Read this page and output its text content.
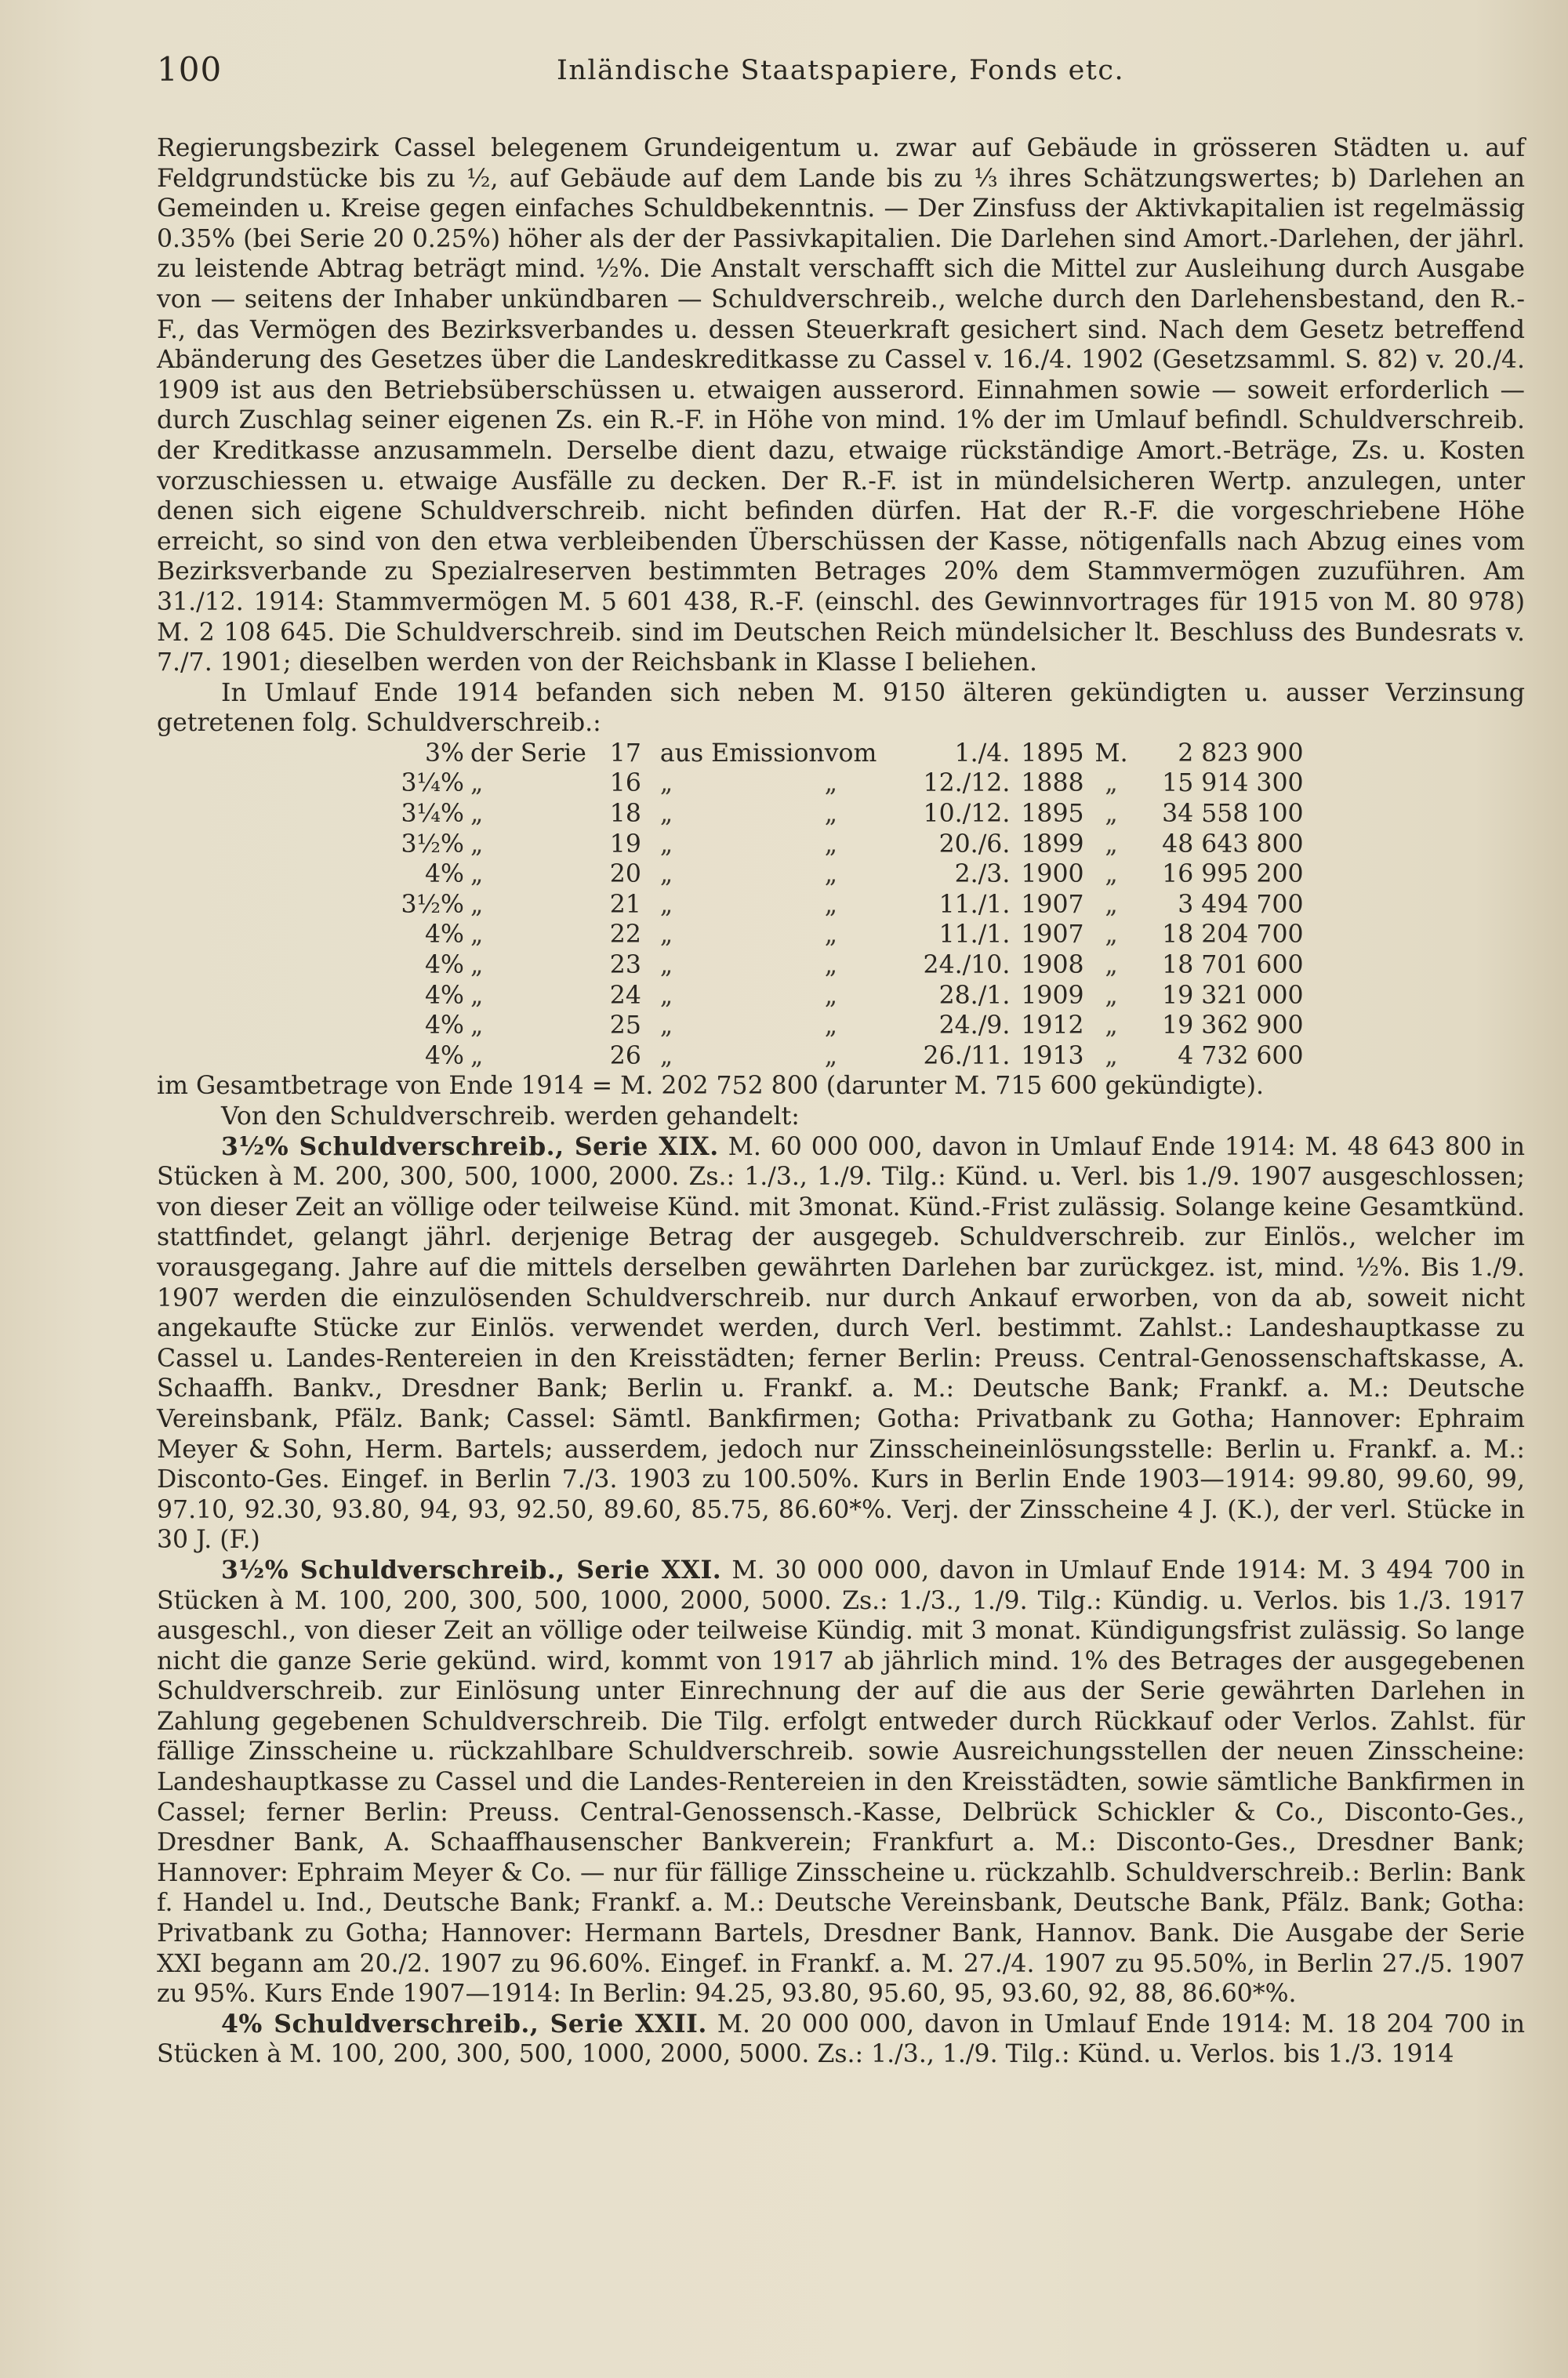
100	Inländische Staatspapiere, Fonds etc.

Regierungsbezirk Cassel belegenem Grundeigentum u. zwar auf Gebäude in grösseren Städten u. auf Feldgrundstücke bis zu ½, auf Gebäude auf dem Lande bis zu ⅓ ihres Schätzungswertes; b) Darlehen an Gemeinden u. Kreise gegen einfaches Schuldbekenntnis. — Der Zinsfuss der Aktivkapitalien ist regelmässig 0.35% (bei Serie 20 0.25%) höher als der der Passivkapitalien. Die Darlehen sind Amort.-Darlehen, der jährl. zu leistende Abtrag beträgt mind. ½%. Die Anstalt verschafft sich die Mittel zur Ausleihung durch Ausgabe von — seitens der Inhaber unkündbaren — Schuldverschreib., welche durch den Darlehensbestand, den R.-F., das Vermögen des Bezirksverbandes u. dessen Steuerkraft gesichert sind. Nach dem Gesetz betreffend Abänderung des Gesetzes über die Landeskreditkasse zu Cassel v. 16./4. 1902 (Gesetzsamml. S. 82) v. 20./4. 1909 ist aus den Betriebsüberschüssen u. etwaigen ausserord. Einnahmen sowie — soweit erforderlich — durch Zuschlag seiner eigenen Zs. ein R.-F. in Höhe von mind. 1% der im Umlauf befindl. Schuldverschreib. der Kreditkasse anzusammeln. Derselbe dient dazu, etwaige rückständige Amort.-Beträge, Zs. u. Kosten vorzuschiessen u. etwaige Ausfälle zu decken. Der R.-F. ist in mündelsicheren Wertp. anzulegen, unter denen sich eigene Schuldverschreib. nicht befinden dürfen. Hat der R.-F. die vorgeschriebene Höhe erreicht, so sind von den etwa verbleibenden Überschüssen der Kasse, nötigenfalls nach Abzug eines vom Bezirksverbande zu Spezialreserven bestimmten Betrages 20% dem Stammvermögen zuzuführen. Am 31./12. 1914: Stammvermögen M. 5 601 438, R.-F. (einschl. des Gewinnvortrages für 1915 von M. 80 978) M. 2 108 645. Die Schuldverschreib. sind im Deutschen Reich mündelsicher lt. Beschluss des Bundesrats v. 7./7. 1901; dieselben werden von der Reichsbank in Klasse I beliehen.

In Umlauf Ende 1914 befanden sich neben M. 9150 älteren gekündigten u. ausser Verzinsung getretenen folg. Schuldverschreib.:

3%	der Serie	17	aus Emission	vom	1./4.	1895	M.	2 823 900
3¼%	„	16	„	„	12./12.	1888	„	15 914 300
3¼%	„	18	„	„	10./12.	1895	„	34 558 100
3½%	„	19	„	„	20./6.	1899	„	48 643 800
4%	„	20	„	„	2./3.	1900	„	16 995 200
3½%	„	21	„	„	11./1.	1907	„	3 494 700
4%	„	22	„	„	11./1.	1907	„	18 204 700
4%	„	23	„	„	24./10.	1908	„	18 701 600
4%	„	24	„	„	28./1.	1909	„	19 321 000
4%	„	25	„	„	24./9.	1912	„	19 362 900
4%	„	26	„	„	26./11.	1913	„	4 732 600

im Gesamtbetrage von Ende 1914 = M. 202 752 800 (darunter M. 715 600 gekündigte).

Von den Schuldverschreib. werden gehandelt:

3½% Schuldverschreib., Serie XIX. M. 60 000 000, davon in Umlauf Ende 1914: M. 48 643 800 in Stücken à M. 200, 300, 500, 1000, 2000. Zs.: 1./3., 1./9. Tilg.: Künd. u. Verl. bis 1./9. 1907 ausgeschlossen; von dieser Zeit an völlige oder teilweise Künd. mit 3monat. Künd.-Frist zulässig. Solange keine Gesamtkünd. stattfindet, gelangt jährl. derjenige Betrag der ausgegeb. Schuldverschreib. zur Einlös., welcher im vorausgegang. Jahre auf die mittels derselben gewährten Darlehen bar zurückgez. ist, mind. ½%. Bis 1./9. 1907 werden die einzulösenden Schuldverschreib. nur durch Ankauf erworben, von da ab, soweit nicht angekaufte Stücke zur Einlös. verwendet werden, durch Verl. bestimmt. Zahlst.: Landeshauptkasse zu Cassel u. Landes-Rentereien in den Kreisstädten; ferner Berlin: Preuss. Central-Genossenschaftskasse, A. Schaaffh. Bankv., Dresdner Bank; Berlin u. Frankf. a. M.: Deutsche Bank; Frankf. a. M.: Deutsche Vereinsbank, Pfälz. Bank; Cassel: Sämtl. Bankfirmen; Gotha: Privatbank zu Gotha; Hannover: Ephraim Meyer & Sohn, Herm. Bartels; ausserdem, jedoch nur Zinsscheineinlösungsstelle: Berlin u. Frankf. a. M.: Disconto-Ges. Eingef. in Berlin 7./3. 1903 zu 100.50%. Kurs in Berlin Ende 1903—1914: 99.80, 99.60, 99, 97.10, 92.30, 93.80, 94, 93, 92.50, 89.60, 85.75, 86.60*%. Verj. der Zinsscheine 4 J. (K.), der verl. Stücke in 30 J. (F.)

3½% Schuldverschreib., Serie XXI. M. 30 000 000, davon in Umlauf Ende 1914: M. 3 494 700 in Stücken à M. 100, 200, 300, 500, 1000, 2000, 5000. Zs.: 1./3., 1./9. Tilg.: Kündig. u. Verlos. bis 1./3. 1917 ausgeschl., von dieser Zeit an völlige oder teilweise Kündig. mit 3 monat. Kündigungsfrist zulässig. So lange nicht die ganze Serie gekünd. wird, kommt von 1917 ab jährlich mind. 1% des Betrages der ausgegebenen Schuldverschreib. zur Einlösung unter Einrechnung der auf die aus der Serie gewährten Darlehen in Zahlung gegebenen Schuldverschreib. Die Tilg. erfolgt entweder durch Rückkauf oder Verlos. Zahlst. für fällige Zinsscheine u. rückzahlbare Schuldverschreib. sowie Ausreichungsstellen der neuen Zinsscheine: Landeshauptkasse zu Cassel und die Landes-Rentereien in den Kreisstädten, sowie sämtliche Bankfirmen in Cassel; ferner Berlin: Preuss. Central-Genossensch.-Kasse, Delbrück Schickler & Co., Disconto-Ges., Dresdner Bank, A. Schaaffhausenscher Bankverein; Frankfurt a. M.: Disconto-Ges., Dresdner Bank; Hannover: Ephraim Meyer & Co. — nur für fällige Zinsscheine u. rückzahlb. Schuldverschreib.: Berlin: Bank f. Handel u. Ind., Deutsche Bank; Frankf. a. M.: Deutsche Vereinsbank, Deutsche Bank, Pfälz. Bank; Gotha: Privatbank zu Gotha; Hannover: Hermann Bartels, Dresdner Bank, Hannov. Bank. Die Ausgabe der Serie XXI begann am 20./2. 1907 zu 96.60%. Eingef. in Frankf. a. M. 27./4. 1907 zu 95.50%, in Berlin 27./5. 1907 zu 95%. Kurs Ende 1907—1914: In Berlin: 94.25, 93.80, 95.60, 95, 93.60, 92, 88, 86.60*%.

4% Schuldverschreib., Serie XXII. M. 20 000 000, davon in Umlauf Ende 1914: M. 18 204 700 in Stücken à M. 100, 200, 300, 500, 1000, 2000, 5000. Zs.: 1./3., 1./9. Tilg.: Künd. u. Verlos. bis 1./3. 1914
